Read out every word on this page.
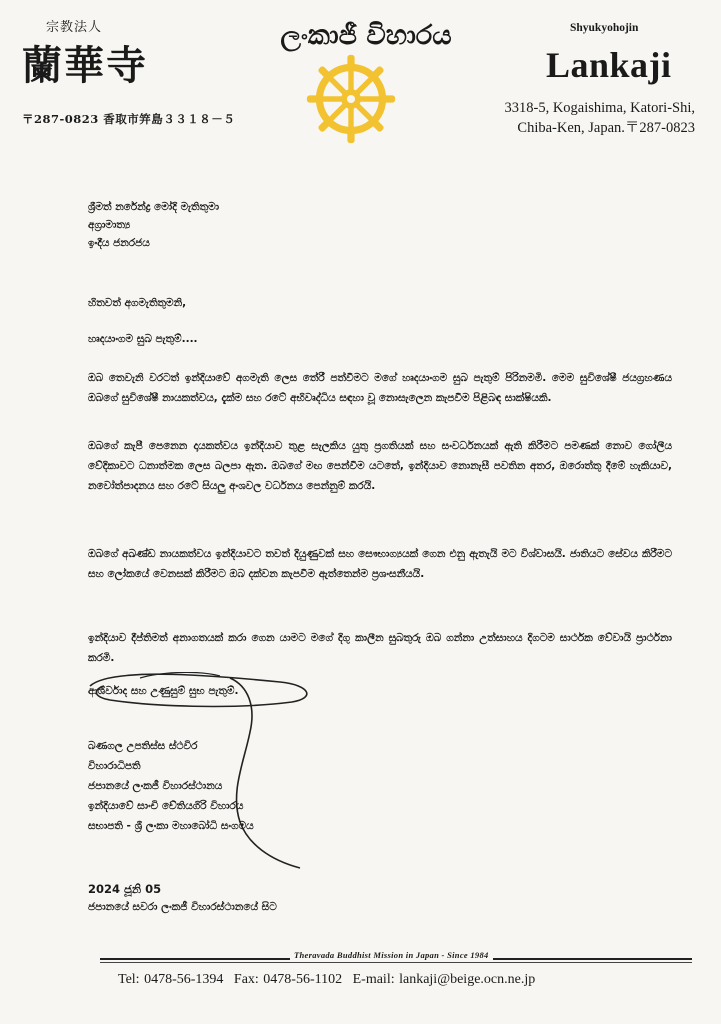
宗教法人
蘭華寺
〒287-0823 香取市笄島３３１８－５
ලංකාජී විහාරය	Shyukyohojin
Lankaji
3318-5, Kogaishima, Katori-Shi,
Chiba-Ken, Japan.〒287-0823
ශ්‍රීමත් නරේන්ද්‍ර මෝදි මැතිතුමා
අග්‍රාමාත්‍ය
ඉංදීය ජනරජය
හිතවත් අගමැතිතුමනි,
හෘදයාංගම සුබ පැතුම්....
ඔබ තෙවැනි වරටත් ඉන්දියාවේ අගමැති ලෙස තේරී පත්වීමට මගේ හෘදයාංගම සුබ පැතුම් පිරිනමමි. මෙම සුවිශේෂී ජයග්‍රහණය ඔබගේ සුවිශේෂී නායකත්වය, දැක්ම සහ රටේ අභිවෘද්ධිය සඳහා වූ නොසැලෙන කැපවීම පිළිබඳ සාක්ෂියකි.
ඔබගේ කැපී පෙනෙන දායකත්වය ඉන්දියාව තුළ සැලකිය යුතු ප්‍රගතියක් සහ සංවර්ධනයක් ඇති කිරීමට පමණක් නොව ගෝලීය වේදිකාවට ධනාත්මක ලෙස බලපා ඇත. ඔබගේ මඟ පෙන්වීම යටතේ, ඉන්දියාව නොනැසී පවතින අතර, ඔරොත්තු දීමේ හැකියාව, නවෝත්පාදනය සහ රටේ සියලු අංශවල වර්ධනය පෙන්නුම් කරයි.
ඔබගේ අඛණ්ඩ නායකත්වය ඉන්දියාවට තවත් දියුණුවක් සහ සෞභාග්‍යයක් ගෙන එනු ඇතැයි මට විශ්වාසයි. ජාතියට සේවය කිරීමට සහ ලෝකයේ වෙනසක් කිරීමට ඔබ දක්වන කැපවීම ඇත්තෙන්ම ප්‍රශංසනීයයි.
ඉන්දියාව දීප්තිමත් අනාගතයක් කරා ගෙන යාමට මගේ දිගු කාලීන සුබතුරු ඔබ ගන්නා උත්සාහය දිගටම සාර්ථක වේවායි ප්‍රාර්ථනා කරමි.
ආශිර්වාද සහ උණුසුම් සුභ පැතුම්.
බණගල උපතිස්ස ස්ථවිර
විහාරාධිපති
ජපානයේ ලංකජී විහාරස්ථානය
ඉන්දියාවේ සාංචි චේතියගිරි විහාරය
සභාපති - ශ්‍රී ලංකා මහාබෝධි සංගමය
2024 ජූනි 05
ජපානයේ සවරා ලංකජී විහාරස්ථානයේ සිට
Theravada Buddhist Mission in Japan - Since 1984
Tel: 0478-56-1394 Fax: 0478-56-1102 E-mail: lankaji@beige.ocn.ne.jp
